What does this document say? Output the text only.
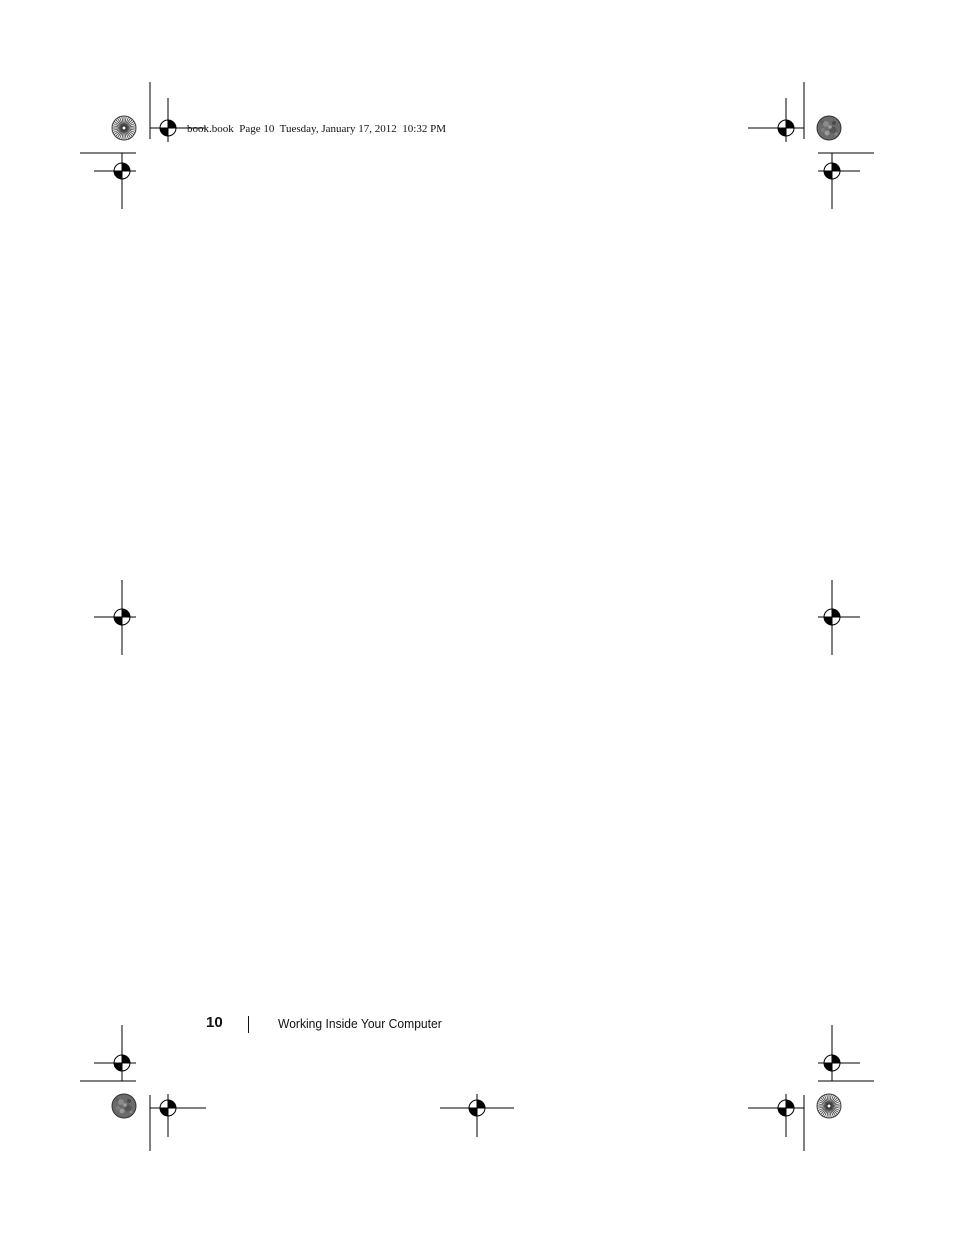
book.book  Page 10  Tuesday, January 17, 2012  10:32 PM
10	Working Inside Your Computer
